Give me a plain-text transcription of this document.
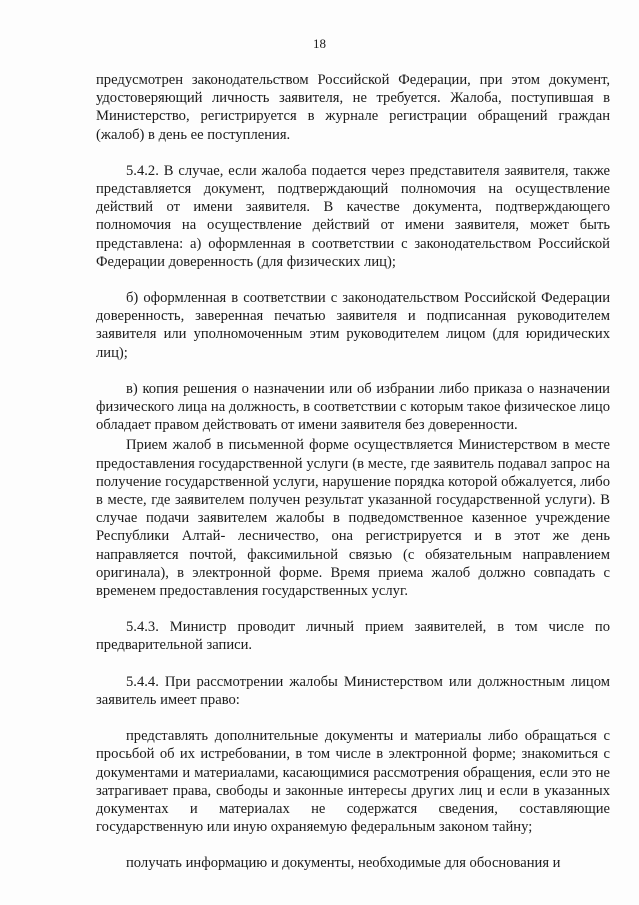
18

предусмотрен законодательством Российской Федерации, при этом документ, удостоверяющий личность заявителя, не требуется. Жалоба, поступившая в Министерство, регистрируется в журнале регистрации обращений граждан (жалоб) в день ее поступления.

5.4.2. В случае, если жалоба подается через представителя заявителя, также представляется документ, подтверждающий полномочия на осуществление действий от имени заявителя. В качестве документа, подтверждающего полномочия на осуществление действий от имени заявителя, может быть представлена: а) оформленная в соответствии с законодательством Российской Федерации доверенность (для физических лиц);

б) оформленная в соответствии с законодательством Российской Федерации доверенность, заверенная печатью заявителя и подписанная руководителем заявителя или уполномоченным этим руководителем лицом (для юридических лиц);

в) копия решения о назначении или об избрании либо приказа о назначении физического лица на должность, в соответствии с которым такое физическое лицо обладает правом действовать от имени заявителя без доверенности.

Прием жалоб в письменной форме осуществляется Министерством в месте предоставления государственной услуги (в месте, где заявитель подавал запрос на получение государственной услуги, нарушение порядка которой обжалуется, либо в месте, где заявителем получен результат указанной государственной услуги). В случае подачи заявителем жалобы в подведомственное казенное учреждение Республики Алтай- лесничество, она регистрируется и в этот же день направляется почтой, факсимильной связью (с обязательным направлением оригинала), в электронной форме. Время приема жалоб должно совпадать с временем предоставления государственных услуг.

5.4.3. Министр проводит личный прием заявителей, в том числе по предварительной записи.

5.4.4. При рассмотрении жалобы Министерством или должностным лицом заявитель имеет право:

представлять дополнительные документы и материалы либо обращаться с просьбой об их истребовании, в том числе в электронной форме; знакомиться с документами и материалами, касающимися рассмотрения обращения, если это не затрагивает права, свободы и законные интересы других лиц и если в указанных документах и материалах не содержатся сведения, составляющие государственную или иную охраняемую федеральным законом тайну;

получать информацию и документы, необходимые для обоснования и
